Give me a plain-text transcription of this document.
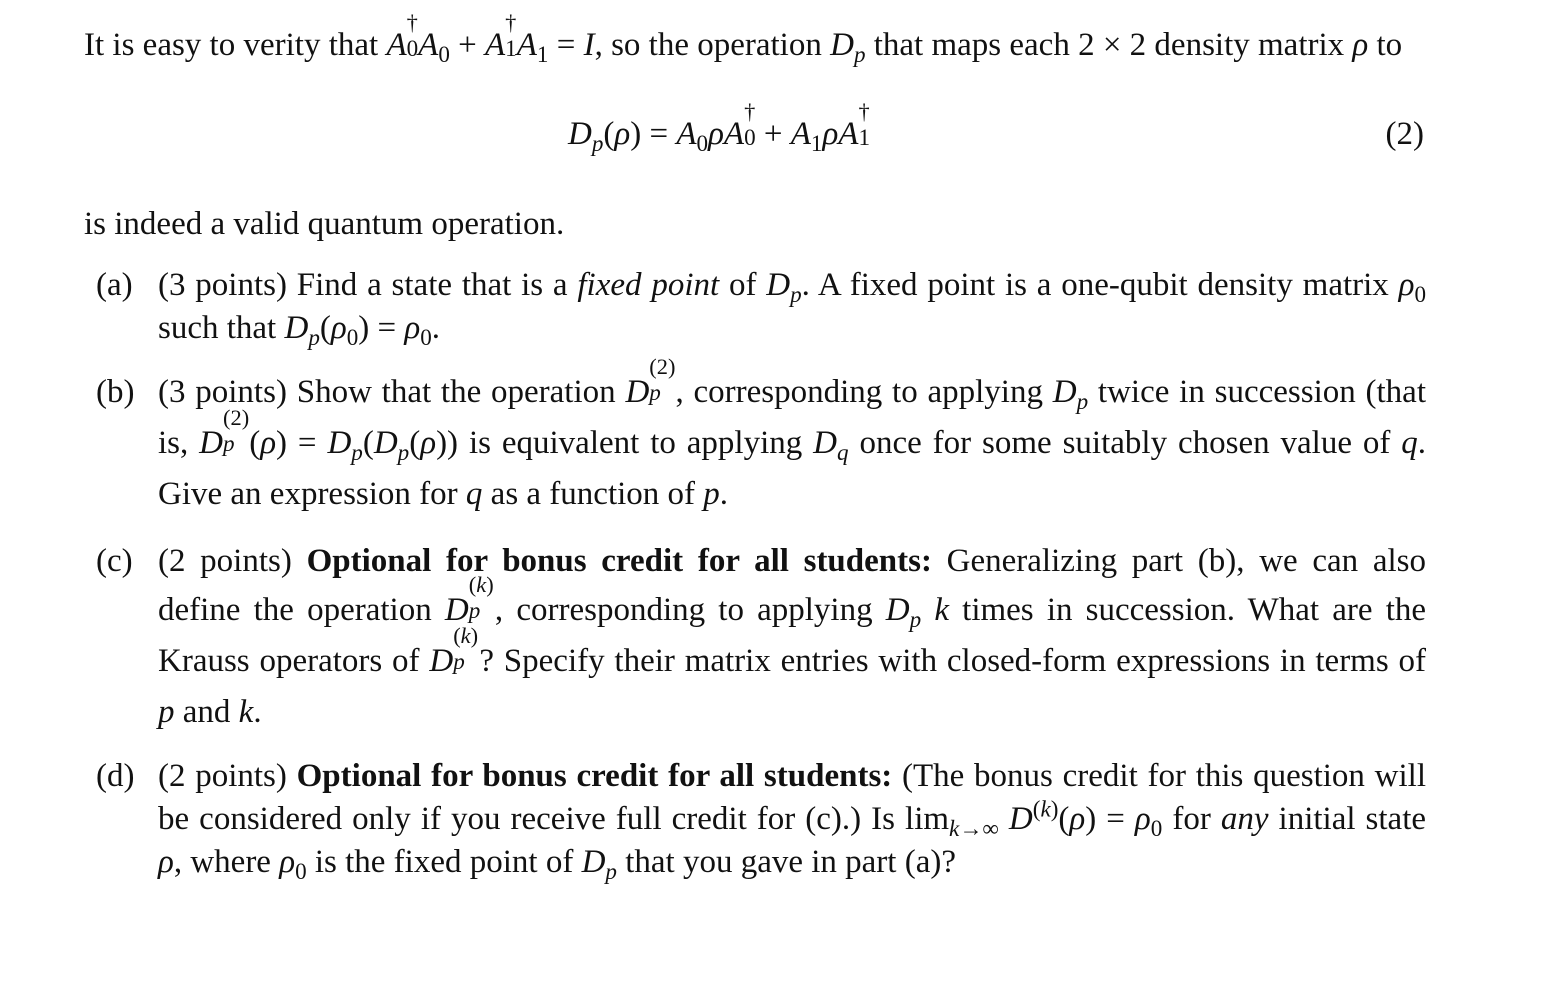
It is easy to verity that A
†
0 $A_0 + A$
†
1 $A_1 = I$, so the operation $D_p$ that maps each 2 × 2 density matrix ρ to

$D_p(\rho) = A_0\rho A$
†
$0 + A_1\rho A$
†
1	(2)

is indeed a valid quantum operation.

(a) (3 points) Find a state that is a fixed point of $D_p$. A fixed point is a one-qubit density matrix $\rho_0$ such that $D_p(\rho_0) = \rho_0$.
(b) (3 points) Show that the operation D
(2)
p , corresponding to applying $D_p$ twice in succession (that is, D
(2)
p $(\rho) = D_p(D_p(\rho))$ is equivalent to applying $D_q$ once for some suitably chosen value of q. Give an expression for q as a function of p.
(c) (2 points) Optional for bonus credit for all students: Generalizing part (b), we can also define the operation D
(k)
p , corresponding to applying $D_p$ k times in succession. What are the Krauss operators of D
(k)
p ? Specify their matrix entries with closed-form expressions in terms of p and k.
(d) (2 points) Optional for bonus credit for all students: (The bonus credit for this question will be considered only if you receive full credit for (c).) Is $\lim_{k\to\infty} D^{(k)}(\rho) = \rho_0$ for any initial state ρ, where $\rho_0$ is the fixed point of $D_p$ that you gave in part (a)?
